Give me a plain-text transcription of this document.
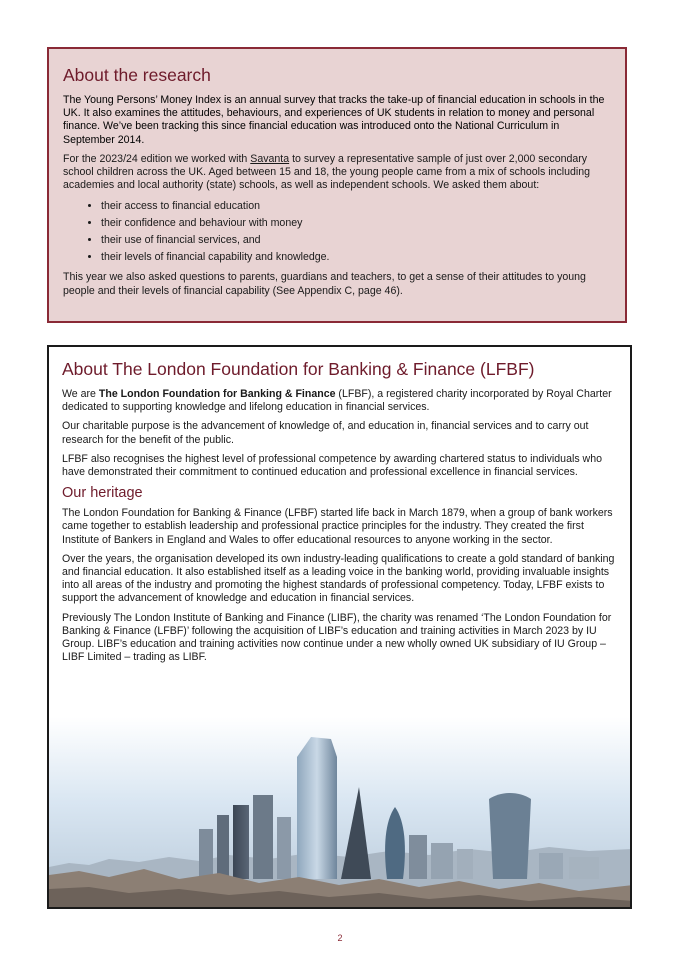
About the research

The Young Persons’ Money Index is an annual survey that tracks the take-up of financial education in schools in the UK. It also examines the attitudes, behaviours, and experiences of UK students in relation to money and personal finance. We’ve been tracking this since financial education was introduced onto the National Curriculum in September 2014.

For the 2023/24 edition we worked with Savanta to survey a representative sample of just over 2,000 secondary school children across the UK. Aged between 15 and 18, the young people came from a mix of schools including academies and local authority (state) schools, as well as independent schools. We asked them about:

• their access to financial education
• their confidence and behaviour with money
• their use of financial services, and
• their levels of financial capability and knowledge.

This year we also asked questions to parents, guardians and teachers, to get a sense of their attitudes to young people and their levels of financial capability (See Appendix C, page 46).

About The London Foundation for Banking & Finance (LFBF)

We are The London Foundation for Banking & Finance (LFBF), a registered charity incorporated by Royal Charter dedicated to supporting knowledge and lifelong education in financial services.

Our charitable purpose is the advancement of knowledge of, and education in, financial services and to carry out research for the benefit of the public.

LFBF also recognises the highest level of professional competence by awarding chartered status to individuals who have demonstrated their commitment to continued education and professional excellence in financial services.

Our heritage

The London Foundation for Banking & Finance (LFBF) started life back in March 1879, when a group of bank workers came together to establish leadership and professional practice principles for the industry. They created the first Institute of Bankers in England and Wales to offer educational resources to anyone working in the sector.

Over the years, the organisation developed its own industry-leading qualifications to create a gold standard of banking and financial education. It also established itself as a leading voice in the banking world, providing invaluable insights into all areas of the industry and promoting the highest standards of professional competency. Today, LFBF exists to support the advancement of knowledge and education in financial services.

Previously The London Institute of Banking and Finance (LIBF), the charity was renamed ‘The London Foundation for Banking & Finance (LFBF)’ following the acquisition of LIBF’s education and training activities in March 2023 by IU Group. LIBF’s education and training activities now continue under a new wholly owned UK subsidiary of IU Group – LIBF Limited – trading as LIBF.

2
